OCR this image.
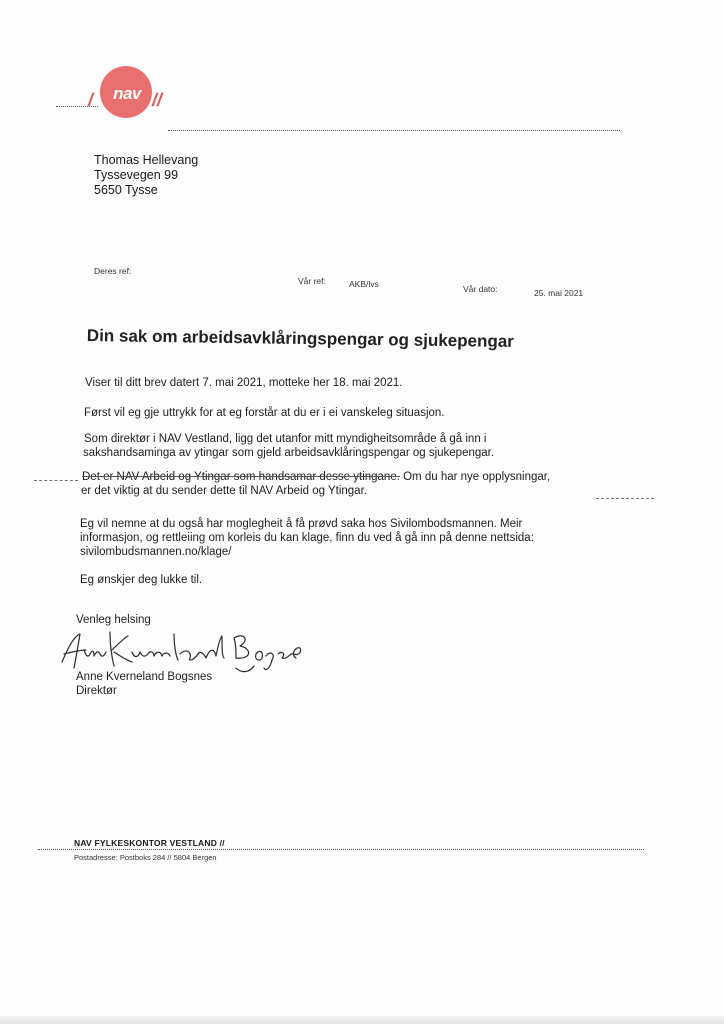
/	nav //
Thomas Hellevang
Tyssevegen 99
5650 Tysse
Deres ref:
Vår ref:	AKB/lvs	Vår dato:	25. mai 2021
Din sak om arbeidsavklåringspengar og sjukepengar
Viser til ditt brev datert 7. mai 2021, motteke her 18. mai 2021.
Først vil eg gje uttrykk for at eg forstår at du er i ei vanskeleg situasjon.
Som direktør i NAV Vestland, ligg det utanfor mitt myndigheitsområde å gå inn i
sakshandsaminga av ytingar som gjeld arbeidsavklåringspengar og sjukepengar.
Det er NAV Arbeid og Ytingar som handsamar desse ytingane. Om du har nye opplysningar,
er det viktig at du sender dette til NAV Arbeid og Ytingar.
Eg vil nemne at du også har moglegheit å få prøvd saka hos Sivilombodsmannen. Meir
informasjon, og rettleiing om korleis du kan klage, finn du ved å gå inn på denne nettsida:
sivilombudsmannen.no/klage/
Eg ønskjer deg lukke til.
Venleg helsing
Anne Kverneland Bogsnes
Direktør
NAV FYLKESKONTOR VESTLAND //
Postadresse: Postboks 284 // 5804 Bergen
